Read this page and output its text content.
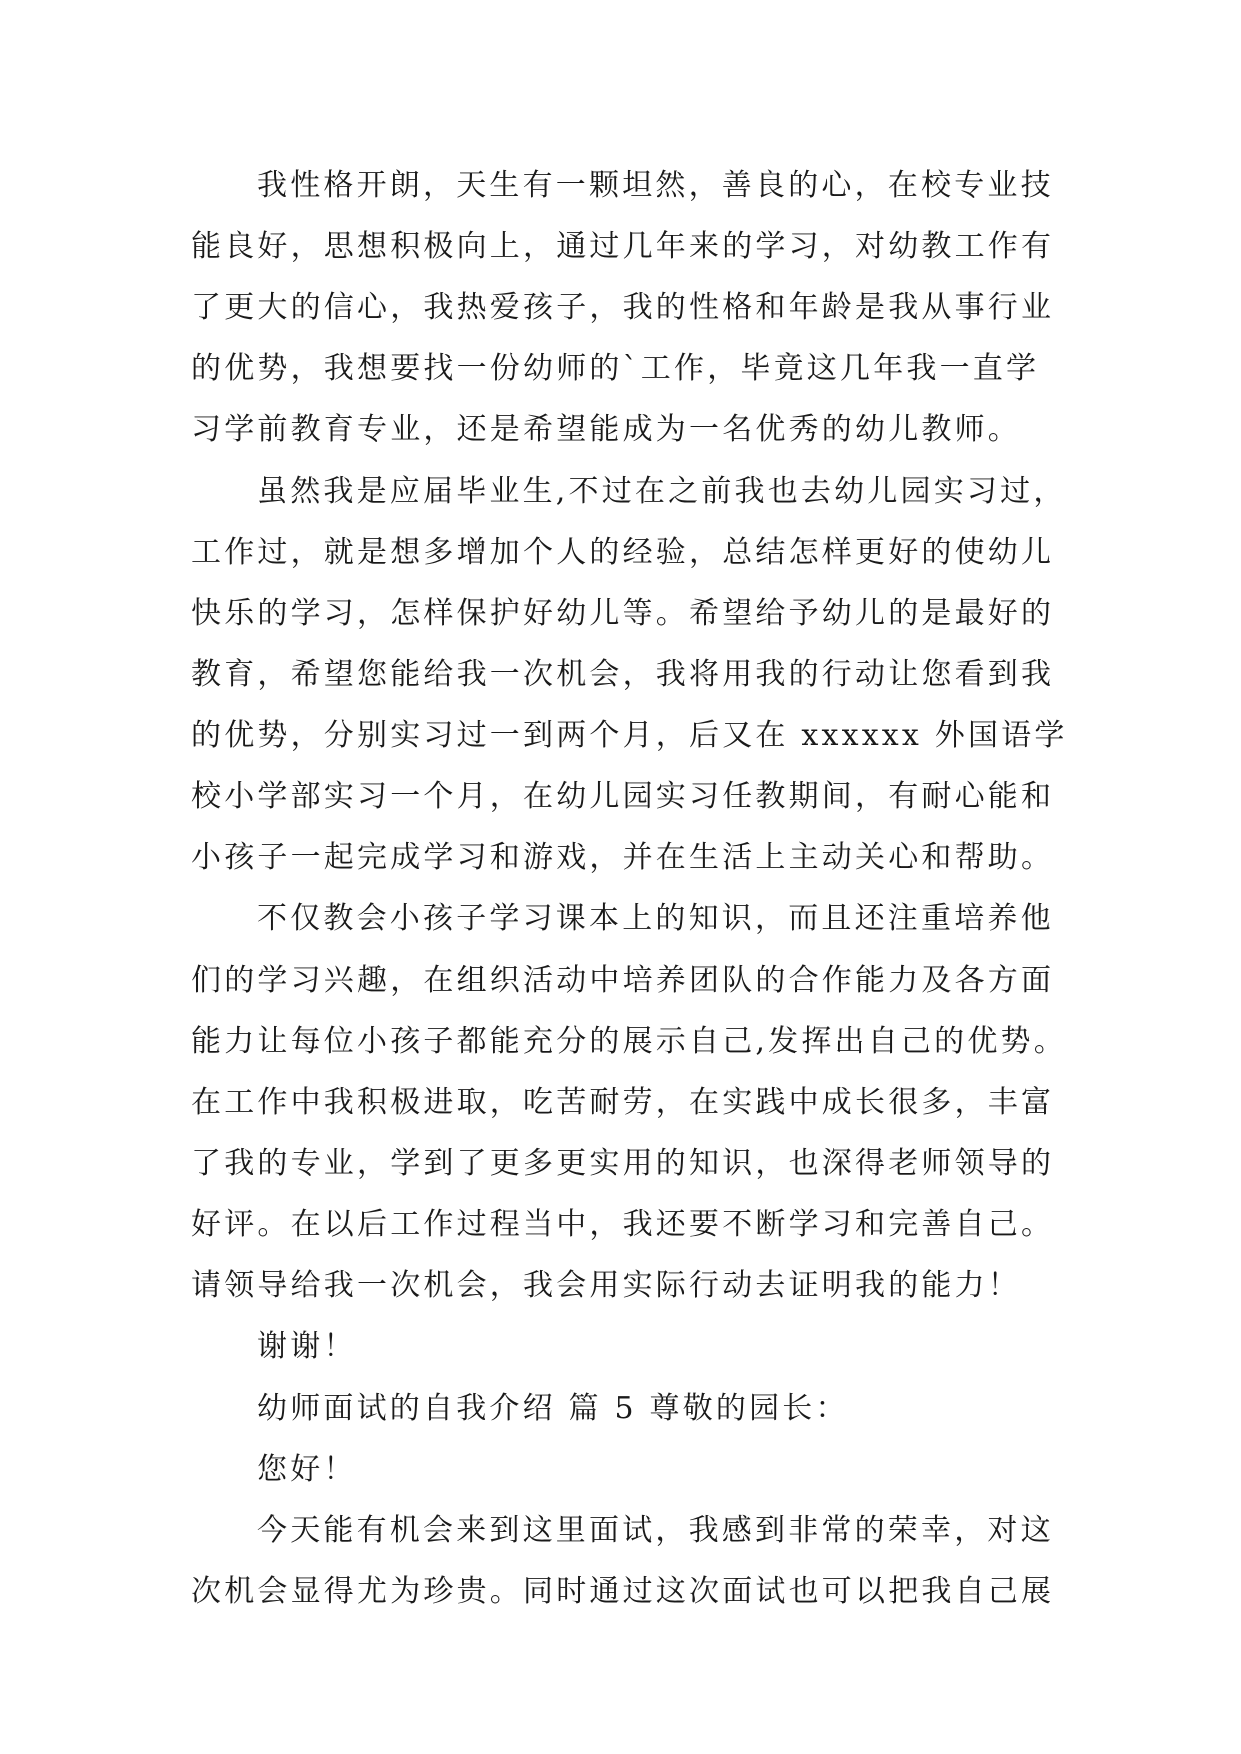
我性格开朗，天生有一颗坦然，善良的心，在校专业技
能良好，思想积极向上，通过几年来的学习，对幼教工作有
了更大的信心，我热爱孩子，我的性格和年龄是我从事行业
的优势，我想要找一份幼师的`工作，毕竟这几年我一直学
习学前教育专业，还是希望能成为一名优秀的幼儿教师。
虽然我是应届毕业生,不过在之前我也去幼儿园实习过，
工作过，就是想多增加个人的经验，总结怎样更好的使幼儿
快乐的学习，怎样保护好幼儿等。希望给予幼儿的是最好的
教育，希望您能给我一次机会，我将用我的行动让您看到我
的优势，分别实习过一到两个月，后又在 xxxxxx 外国语学
校小学部实习一个月，在幼儿园实习任教期间，有耐心能和
小孩子一起完成学习和游戏，并在生活上主动关心和帮助。
不仅教会小孩子学习课本上的知识，而且还注重培养他
们的学习兴趣，在组织活动中培养团队的合作能力及各方面
能力让每位小孩子都能充分的展示自己,发挥出自己的优势。
在工作中我积极进取，吃苦耐劳，在实践中成长很多，丰富
了我的专业，学到了更多更实用的知识，也深得老师领导的
好评。在以后工作过程当中，我还要不断学习和完善自己。
请领导给我一次机会，我会用实际行动去证明我的能力！
谢谢！
幼师面试的自我介绍 篇 5 尊敬的园长：
您好！
今天能有机会来到这里面试，我感到非常的荣幸，对这
次机会显得尤为珍贵。同时通过这次面试也可以把我自己展
